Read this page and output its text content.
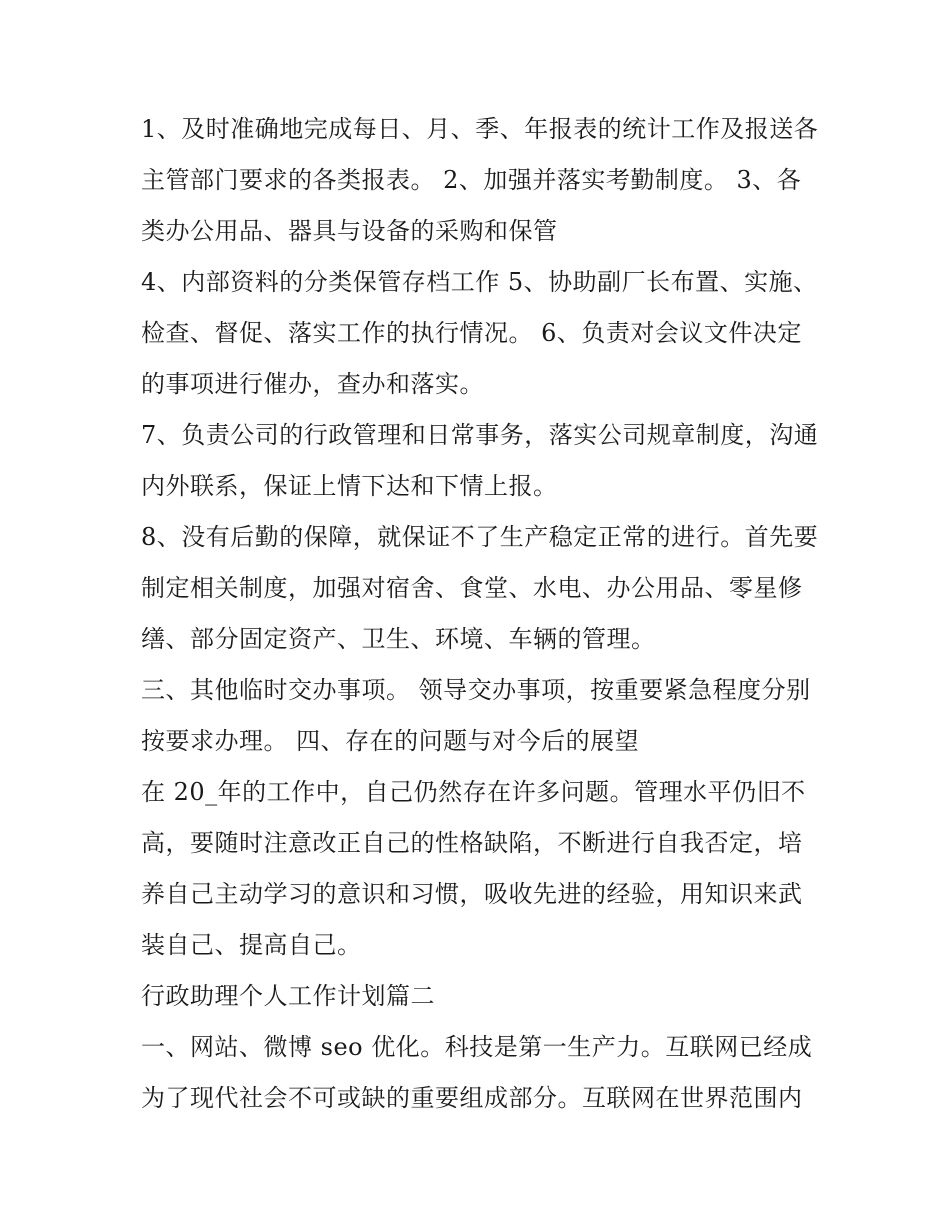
1、及时准确地完成每日、月、季、年报表的统计工作及报送各主管部门要求的各类报表。 2、加强并落实考勤制度。 3、各类办公用品、器具与设备的采购和保管

4、内部资料的分类保管存档工作 5、协助副厂长布置、实施、检查、督促、落实工作的执行情况。 6、负责对会议文件决定的事项进行催办，查办和落实。

7、负责公司的行政管理和日常事务，落实公司规章制度，沟通内外联系，保证上情下达和下情上报。

8、没有后勤的保障，就保证不了生产稳定正常的进行。首先要制定相关制度，加强对宿舍、食堂、水电、办公用品、零星修缮、部分固定资产、卫生、环境、车辆的管理。

三、其他临时交办事项。 领导交办事项，按重要紧急程度分别按要求办理。 四、存在的问题与对今后的展望

在 20_年的工作中，自己仍然存在许多问题。管理水平仍旧不高，要随时注意改正自己的性格缺陷，不断进行自我否定，培养自己主动学习的意识和习惯，吸收先进的经验，用知识来武装自己、提高自己。

行政助理个人工作计划篇二

一、网站、微博 seo 优化。科技是第一生产力。互联网已经成为了现代社会不可或缺的重要组成部分。互联网在世界范围内
